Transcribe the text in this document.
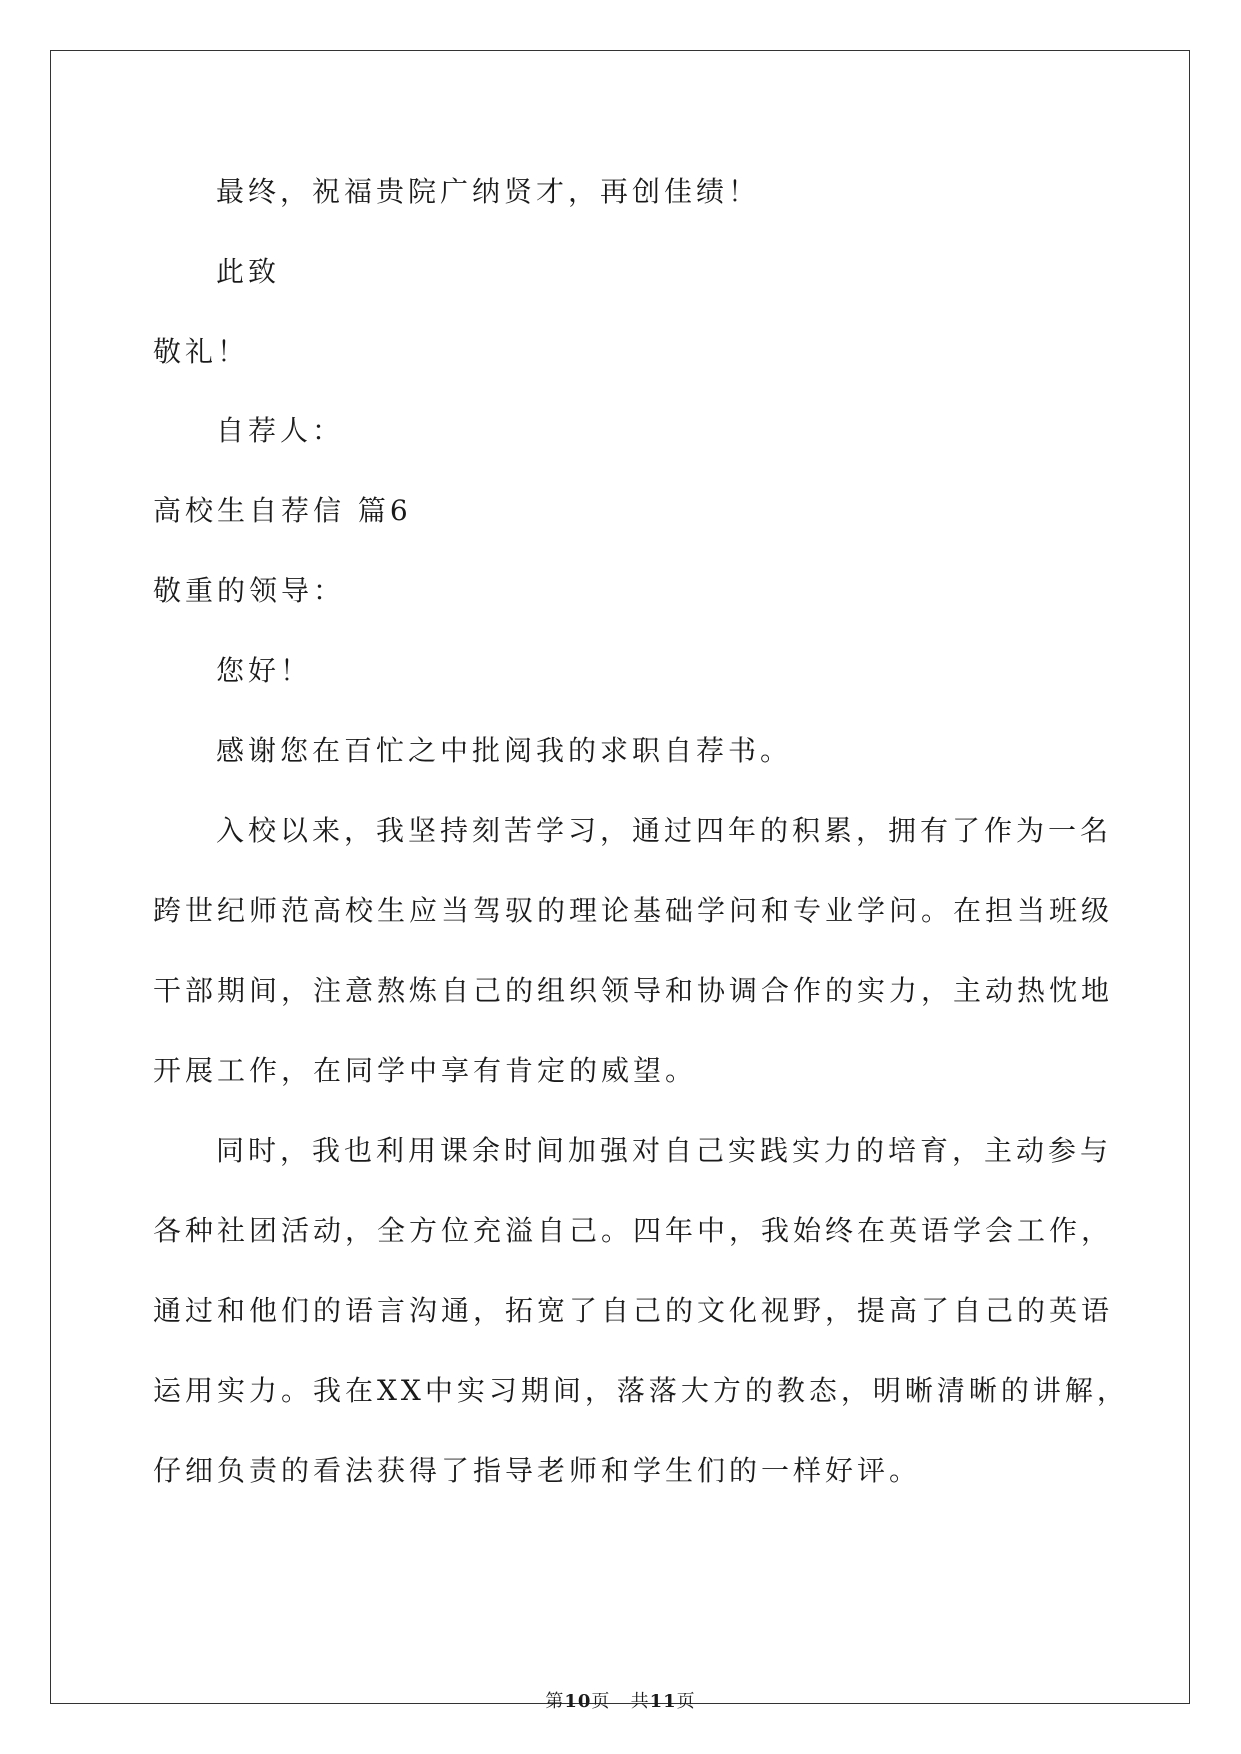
最终，祝福贵院广纳贤才，再创佳绩！
此致
敬礼！
自荐人：
高校生自荐信 篇6
敬重的领导：
您好！
感谢您在百忙之中批阅我的求职自荐书。
入校以来，我坚持刻苦学习，通过四年的积累，拥有了作为一名
跨世纪师范高校生应当驾驭的理论基础学问和专业学问。在担当班级
干部期间，注意熬炼自己的组织领导和协调合作的实力，主动热忱地
开展工作，在同学中享有肯定的威望。
同时，我也利用课余时间加强对自己实践实力的培育，主动参与
各种社团活动，全方位充溢自己。四年中，我始终在英语学会工作，
通过和他们的语言沟通，拓宽了自己的文化视野，提高了自己的英语
运用实力。我在XX中实习期间，落落大方的教态，明晰清晰的讲解，
仔细负责的看法获得了指导老师和学生们的一样好评。
第10页 共11页
